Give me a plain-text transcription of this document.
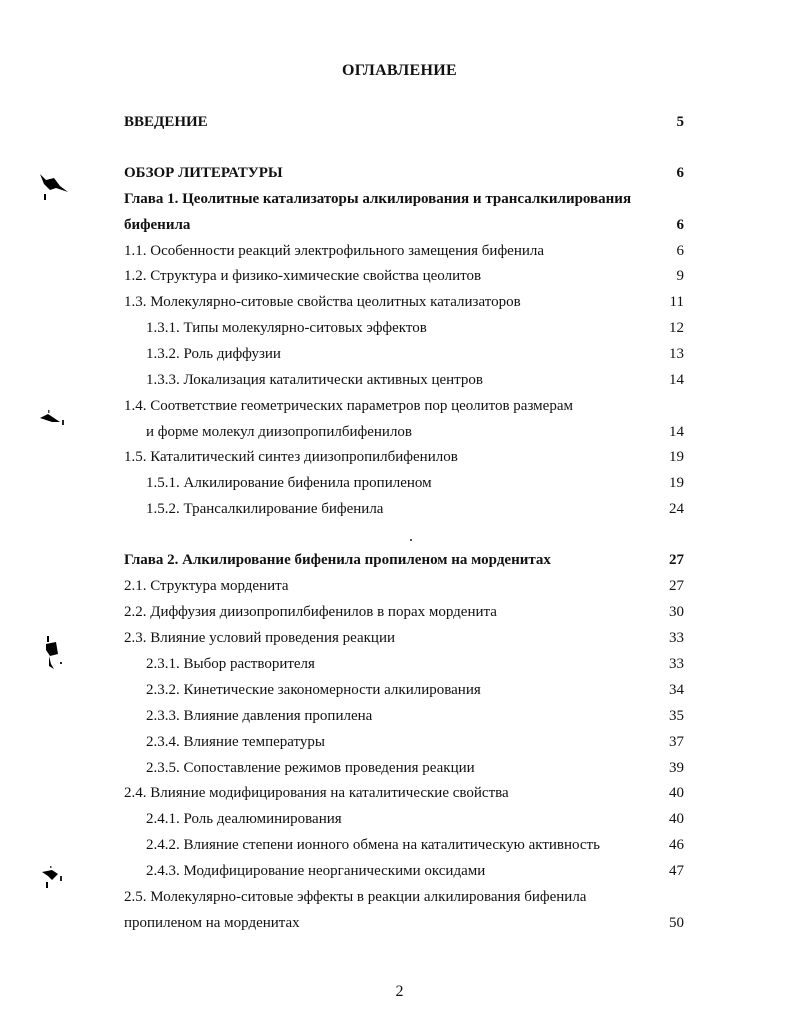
ОГЛАВЛЕНИЕ
ВВЕДЕНИЕ	5
ОБЗОР ЛИТЕРАТУРЫ	6
Глава 1. Цеолитные катализаторы алкилирования и трансалкилирования
бифенила	6
1.1. Особенности реакций электрофильного замещения бифенила	6
1.2. Структура и физико-химические свойства цеолитов	9
1.3. Молекулярно-ситовые свойства цеолитных катализаторов	11
1.3.1. Типы молекулярно-ситовых эффектов	12
1.3.2. Роль диффузии	13
1.3.3. Локализация каталитически активных центров	14
1.4. Соответствие геометрических параметров пор цеолитов размерам
и форме молекул диизопропилбифенилов	14
1.5. Каталитический синтез диизопропилбифенилов	19
1.5.1. Алкилирование бифенила пропиленом	19
1.5.2. Трансалкилирование бифенила	24
Глава 2. Алкилирование бифенила пропиленом на морденитах	27
2.1. Структура морденита	27
2.2. Диффузия диизопропилбифенилов в порах морденита	30
2.3. Влияние условий проведения реакции	33
2.3.1. Выбор растворителя	33
2.3.2. Кинетические закономерности алкилирования	34
2.3.3. Влияние давления пропилена	35
2.3.4. Влияние температуры	37
2.3.5. Сопоставление режимов проведения реакции	39
2.4. Влияние модифицирования на каталитические свойства	40
2.4.1. Роль деалюминирования	40
2.4.2. Влияние степени ионного обмена на каталитическую активность	46
2.4.3. Модифицирование неорганическими оксидами	47
2.5. Молекулярно-ситовые эффекты в реакции алкилирования бифенила
пропиленом на морденитах	50
2
